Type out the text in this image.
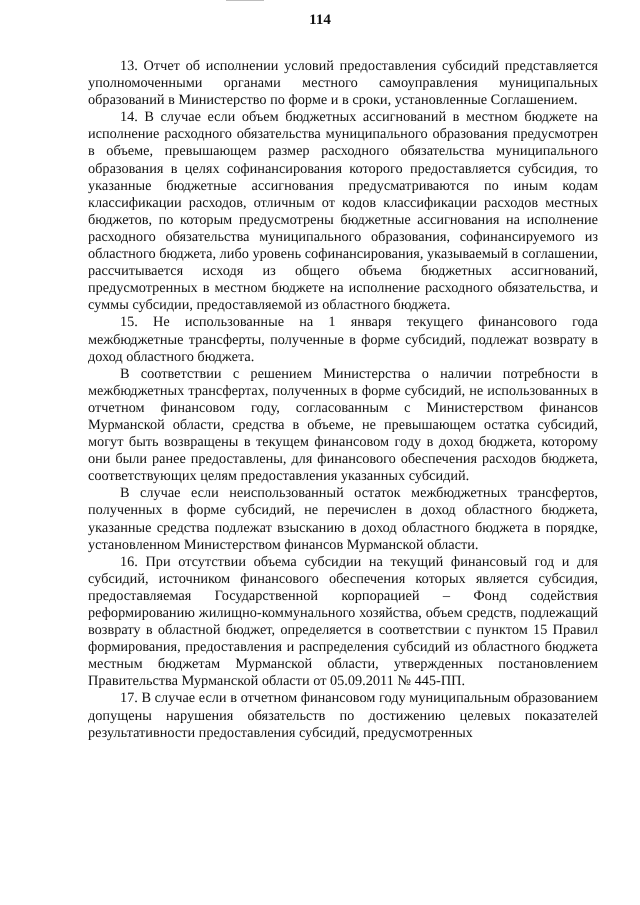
114

13. Отчет об исполнении условий предоставления субсидий представляется уполномоченными органами местного самоуправления муниципальных образований в Министерство по форме и в сроки, установленные Соглашением.

14. В случае если объем бюджетных ассигнований в местном бюджете на исполнение расходного обязательства муниципального образования предусмотрен в объеме, превышающем размер расходного обязательства муниципального образования в целях софинансирования которого предоставляется субсидия, то указанные бюджетные ассигнования предусматриваются по иным кодам классификации расходов, отличным от кодов классификации расходов местных бюджетов, по которым предусмотрены бюджетные ассигнования на исполнение расходного обязательства муниципального образования, софинансируемого из областного бюджета, либо уровень софинансирования, указываемый в соглашении, рассчитывается исходя из общего объема бюджетных ассигнований, предусмотренных в местном бюджете на исполнение расходного обязательства, и суммы субсидии, предоставляемой из областного бюджета.

15. Не использованные на 1 января текущего финансового года межбюджетные трансферты, полученные в форме субсидий, подлежат возврату в доход областного бюджета.

В соответствии с решением Министерства о наличии потребности в межбюджетных трансфертах, полученных в форме субсидий, не использованных в отчетном финансовом году, согласованным с Министерством финансов Мурманской области, средства в объеме, не превышающем остатка субсидий, могут быть возвращены в текущем финансовом году в доход бюджета, которому они были ранее предоставлены, для финансового обеспечения расходов бюджета, соответствующих целям предоставления указанных субсидий.

В случае если неиспользованный остаток межбюджетных трансфертов, полученных в форме субсидий, не перечислен в доход областного бюджета, указанные средства подлежат взысканию в доход областного бюджета в порядке, установленном Министерством финансов Мурманской области.

16. При отсутствии объема субсидии на текущий финансовый год и для субсидий, источником финансового обеспечения которых является субсидия, предоставляемая Государственной корпорацией – Фонд содействия реформированию жилищно-коммунального хозяйства, объем средств, подлежащий возврату в областной бюджет, определяется в соответствии с пунктом 15 Правил формирования, предоставления и распределения субсидий из областного бюджета местным бюджетам Мурманской области, утвержденных постановлением Правительства Мурманской области от 05.09.2011 № 445-ПП.

17. В случае если в отчетном финансовом году муниципальным образованием допущены нарушения обязательств по достижению целевых показателей результативности предоставления субсидий, предусмотренных
